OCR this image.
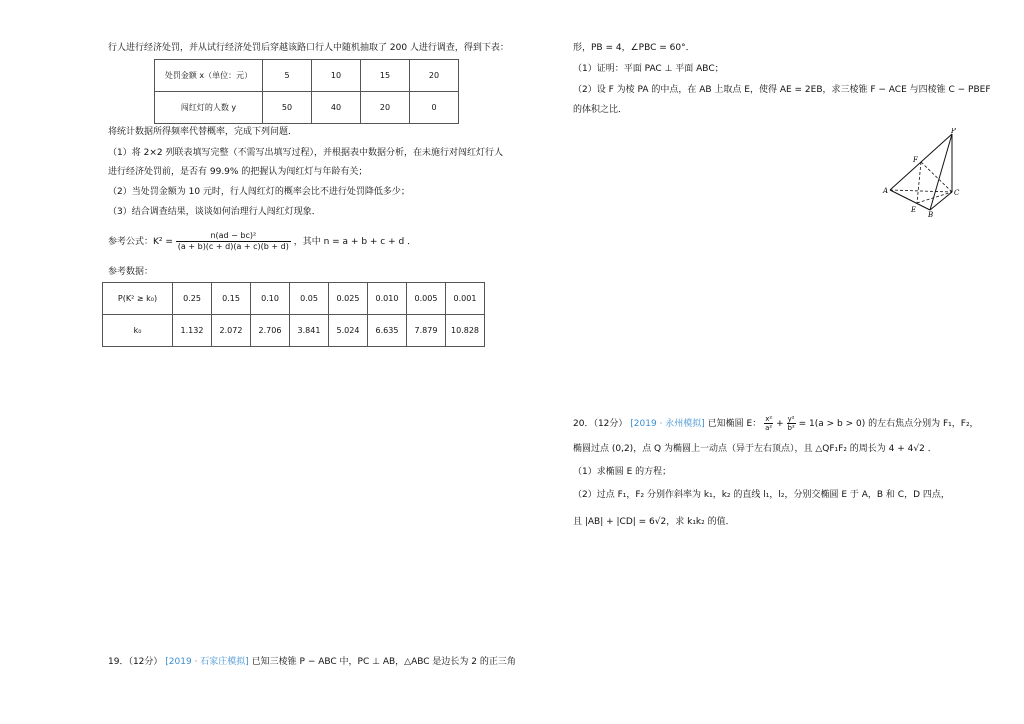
行人进行经济处罚，并从试行经济处罚后穿越该路口行人中随机抽取了 200 人进行调查，得到下表：
处罚金额 x（单位：元）	5	10	15	20
闯红灯的人数 y	50	40	20	0
将统计数据所得频率代替概率，完成下列问题．
（1）将 2×2 列联表填写完整（不需写出填写过程），并根据表中数据分析，在未施行对闯红灯行人
进行经济处罚前，是否有 99.9% 的把握认为闯红灯与年龄有关；
（2）当处罚金额为 10 元时，行人闯红灯的概率会比不进行处罚降低多少；
（3）结合调查结果，谈谈如何治理行人闯红灯现象．
参考公式：$K^2 = \frac{\text{n(ad − bc)²}}{(a + b)(c + d)(a + c)(b + d)}$ ，其中 n = a + b + c + d ．
参考数据：
P(K² ≥ k₀)	0.25	0.15	0.10	0.05	0.025	0.010	0.005	0.001
k₀	1.132	2.072	2.706	3.841	5.024	6.635	7.879	10.828
19．（12分） [2019 · 石家庄模拟] 已知三棱锥 P − ABC 中，PC ⊥ AB，△ABC 是边长为 2 的正三角
形，PB = 4，∠PBC = 60°．
（1）证明：平面 PAC ⊥ 平面 ABC；
（2）设 F 为棱 PA 的中点，在 AB 上取点 E，使得 AE = 2EB，求三棱锥 F − ACE 与四棱锥 C − PBEF
的体积之比．
P
F
A	C
E
B
20．（12分） [2019 · 永州模拟] 已知椭圆 E： $\frac{\text{x²}}{\text{a²}} + \frac{\text{y²}}{\text{b²}} = 1(a > b > 0)$ 的左右焦点分别为 F₁，F₂，
椭圆过点 (0,2)，点 Q 为椭圆上一动点（异于左右顶点），且 △QF₁F₂ 的周长为 4 + 4√2 ．
（1）求椭圆 E 的方程；
（2）过点 F₁，F₂ 分别作斜率为 k₁，k₂ 的直线 l₁，l₂，分别交椭圆 E 于 A，B 和 C，D 四点，
且 |AB| + |CD| = 6√2，求 k₁k₂ 的值．
